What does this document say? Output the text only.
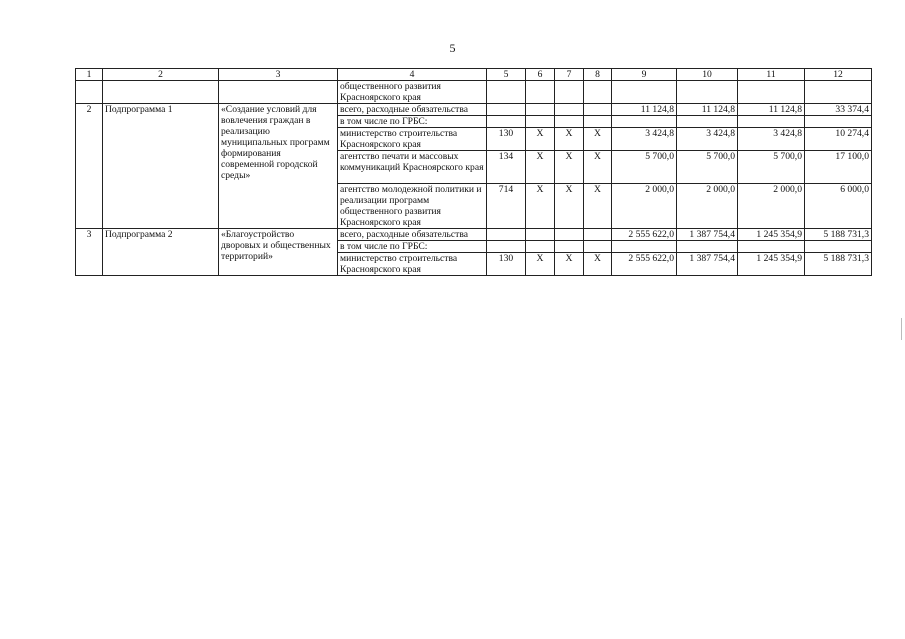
5
1	2	3	4	5	6	7	8	9	10	11	12
			общественного развития Красноярского края								
2	Подпрограмма 1	«Создание условий для вовлечения граждан в реализацию муниципальных программ формирования современной городской среды»	всего, расходные обязательства					11 124,8	11 124,8	11 124,8	33 374,4
			в том числе по ГРБС:								
			министерство строительства Красноярского края	130	X	X	X	3 424,8	3 424,8	3 424,8	10 274,4
			агентство печати и массовых коммуникаций Красноярского края	134	X	X	X	5 700,0	5 700,0	5 700,0	17 100,0
			агентство молодежной политики и реализации программ общественного развития Красноярского края	714	X	X	X	2 000,0	2 000,0	2 000,0	6 000,0
3	Подпрограмма 2	«Благоустройство дворовых и общественных территорий»	всего, расходные обязательства					2 555 622,0	1 387 754,4	1 245 354,9	5 188 731,3
			в том числе по ГРБС:								
			министерство строительства Красноярского края	130	X	X	X	2 555 622,0	1 387 754,4	1 245 354,9	5 188 731,3
